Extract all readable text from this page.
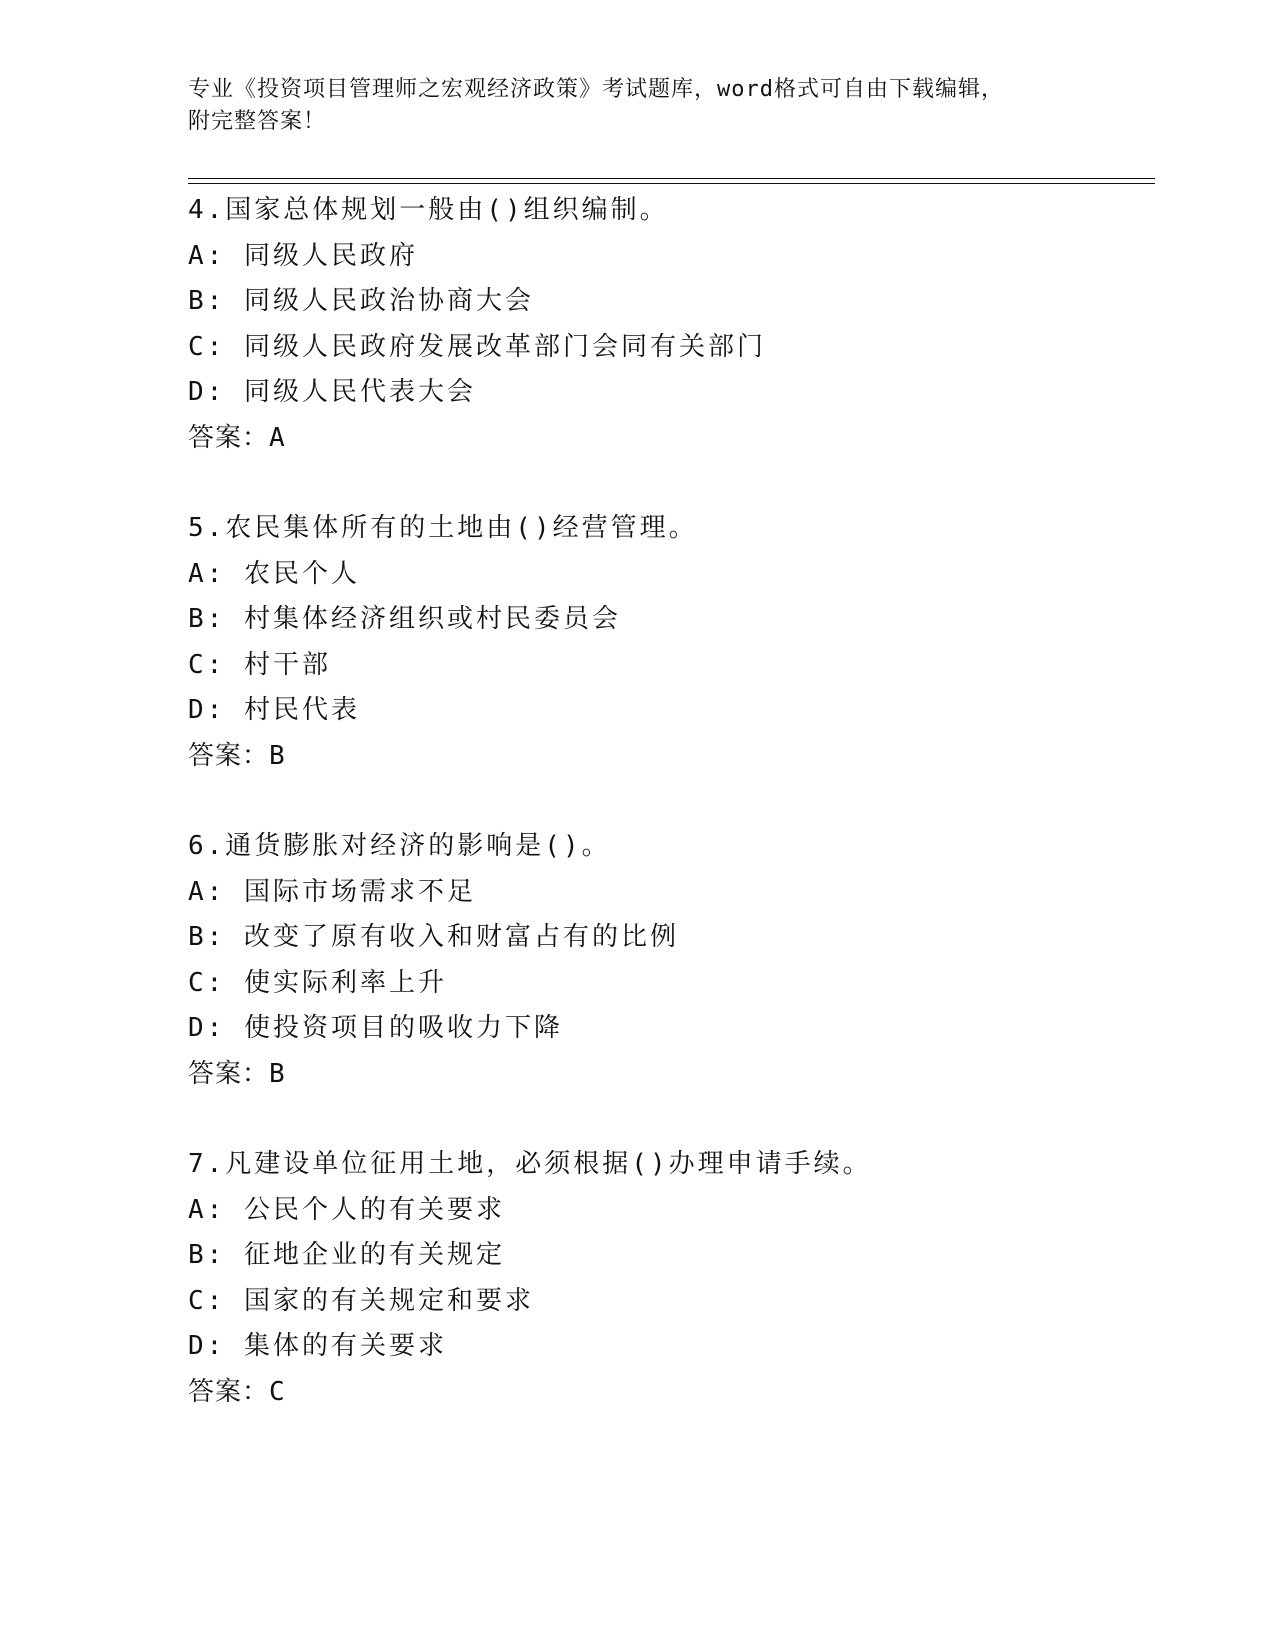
专业《投资项目管理师之宏观经济政策》考试题库，word格式可自由下载编辑，
附完整答案！
4.国家总体规划一般由()组织编制。
A: 同级人民政府
B: 同级人民政治协商大会
C: 同级人民政府发展改革部门会同有关部门
D: 同级人民代表大会
答案：A
5.农民集体所有的土地由()经营管理。
A: 农民个人
B: 村集体经济组织或村民委员会
C: 村干部
D: 村民代表
答案：B
6.通货膨胀对经济的影响是()。
A: 国际市场需求不足
B: 改变了原有收入和财富占有的比例
C: 使实际利率上升
D: 使投资项目的吸收力下降
答案：B
7.凡建设单位征用土地，必须根据()办理申请手续。
A: 公民个人的有关要求
B: 征地企业的有关规定
C: 国家的有关规定和要求
D: 集体的有关要求
答案：C
